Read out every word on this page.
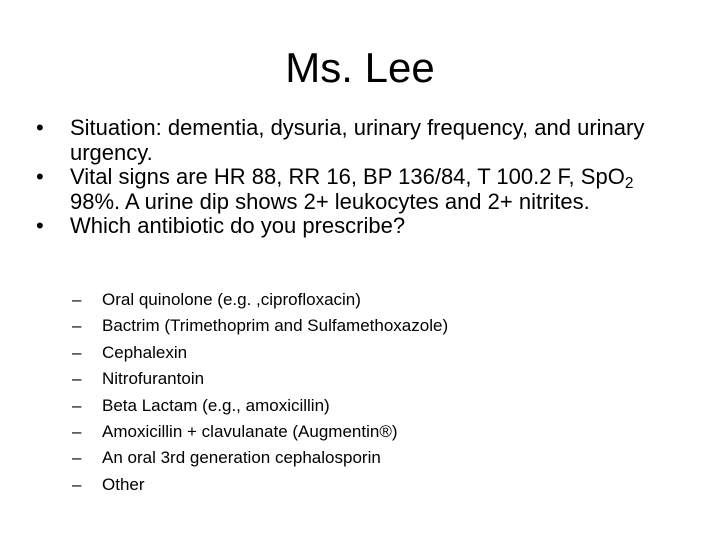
Ms. Lee
• Situation: dementia, dysuria, urinary frequency, and urinary urgency.
• Vital signs are HR 88, RR 16, BP 136/84, T 100.2 F, SpO$_2$ 98%. A urine dip shows 2+ leukocytes and 2+ nitrites.
• Which antibiotic do you prescribe?
– Oral quinolone (e.g. ,ciprofloxacin)
– Bactrim (Trimethoprim and Sulfamethoxazole)
– Cephalexin
– Nitrofurantoin
– Beta Lactam (e.g., amoxicillin)
– Amoxicillin + clavulanate (Augmentin®)
– An oral 3rd generation cephalosporin
– Other
